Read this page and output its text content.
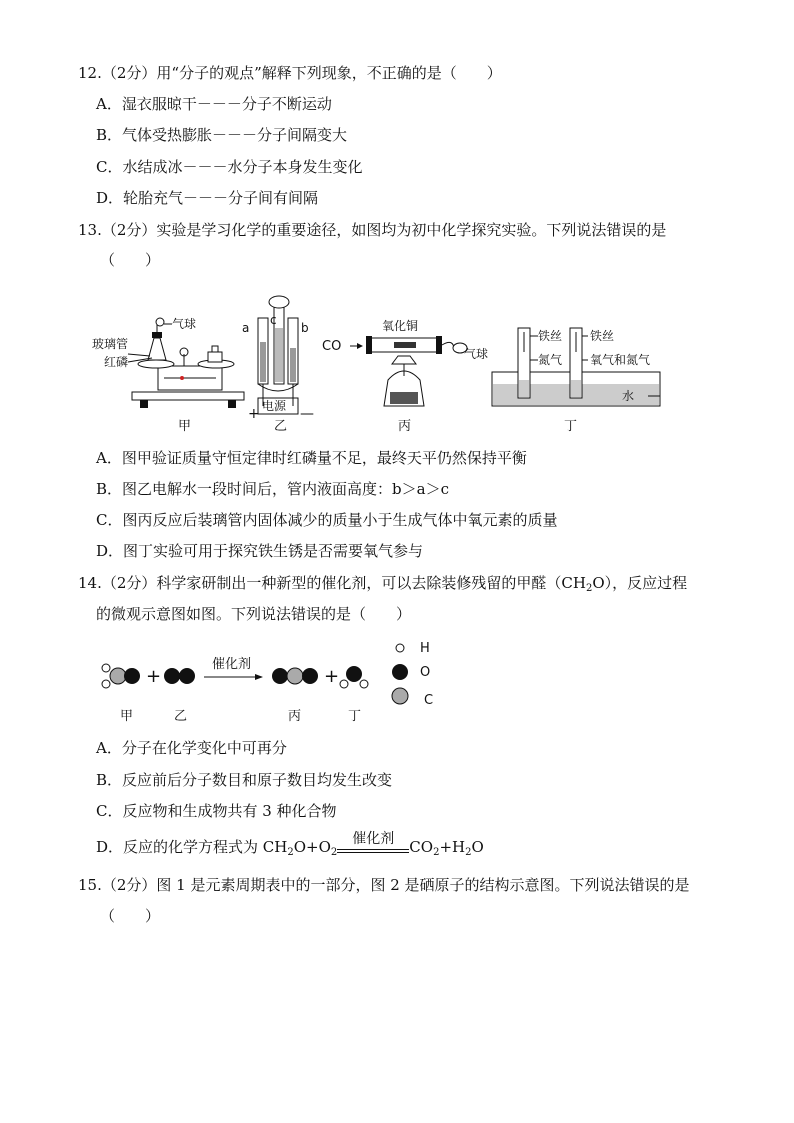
12.（2分）用“分子的观点”解释下列现象，不正确的是（　　）
A．湿衣服晾干－－－分子不断运动
B．气体受热膨胀－－－分子间隔变大
C．水结成冰－－－水分子本身发生变化
D．轮胎充气－－－分子间有间隔
13.（2分）实验是学习化学的重要途径，如图均为初中化学探究实验。下列说法错误的是
（　　）
气球
玻璃管
红磷
甲
a	b
c
电源
+	—
乙
CO
氧化铜
气球
丙
铁丝 铁丝
氮气 氧气和氮气
水
丁
A．图甲验证质量守恒定律时红磷量不足，最终天平仍然保持平衡
B．图乙电解水一段时间后，管内液面高度：b＞a＞c
C．图丙反应后装璃管内固体减少的质量小于生成气体中氧元素的质量
D．图丁实验可用于探究铁生锈是否需要氧气参与
14.（2分）科学家研制出一种新型的催化剂，可以去除装修残留的甲醛$(CH_2O)$，反应过程
的微观示意图如图。下列说法错误的是（　　）
+
催化剂
+
H
O
C
甲	乙	丙	丁
A．分子在化学变化中可再分
B．反应前后分子数目和原子数目均发生改变
C．反应物和生成物共有 3 种化合物
D．反应的化学方程式为 $CH_2O+O_2$
催化剂	$CO_2+H_2O$
15.（2分）图 1 是元素周期表中的一部分，图 2 是硒原子的结构示意图。下列说法错误的是
（　　）
